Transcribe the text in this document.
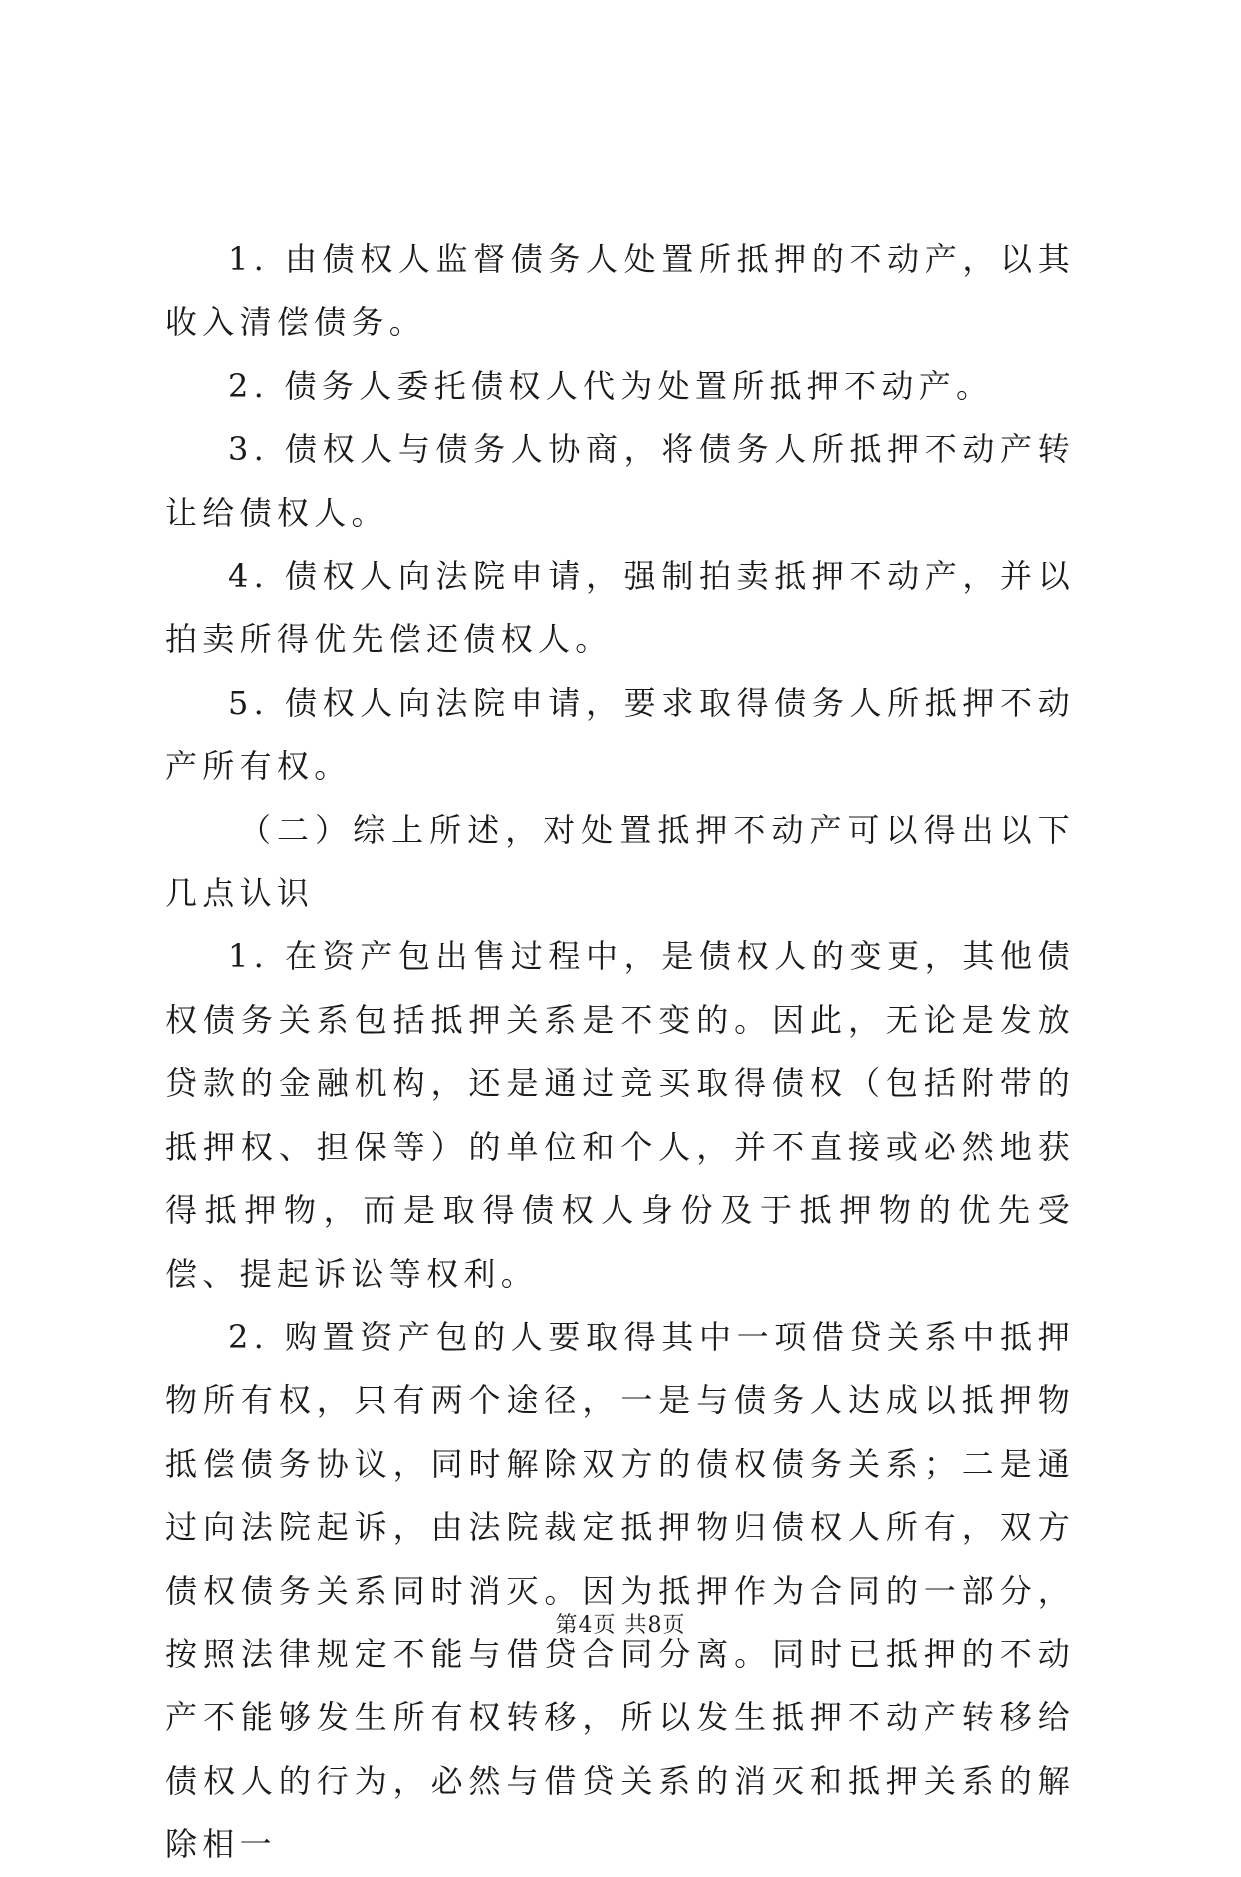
1. 由债权人监督债务人处置所抵押的不动产，以其收入清偿债务。

2. 债务人委托债权人代为处置所抵押不动产。

3. 债权人与债务人协商，将债务人所抵押不动产转让给债权人。

4. 债权人向法院申请，强制拍卖抵押不动产，并以拍卖所得优先偿还债权人。

5. 债权人向法院申请，要求取得债务人所抵押不动产所有权。

（二）综上所述，对处置抵押不动产可以得出以下几点认识

1. 在资产包出售过程中，是债权人的变更，其他债权债务关系包括抵押关系是不变的。因此，无论是发放贷款的金融机构，还是通过竞买取得债权（包括附带的抵押权、担保等）的单位和个人，并不直接或必然地获得抵押物，而是取得债权人身份及于抵押物的优先受偿、提起诉讼等权利。

2. 购置资产包的人要取得其中一项借贷关系中抵押物所有权，只有两个途径，一是与债务人达成以抵押物抵偿债务协议，同时解除双方的债权债务关系；二是通过向法院起诉，由法院裁定抵押物归债权人所有，双方债权债务关系同时消灭。因为抵押作为合同的一部分，按照法律规定不能与借贷合同分离。同时已抵押的不动产不能够发生所有权转移，所以发生抵押不动产转移给债权人的行为，必然与借贷关系的消灭和抵押关系的解除相一

第4页 共8页
